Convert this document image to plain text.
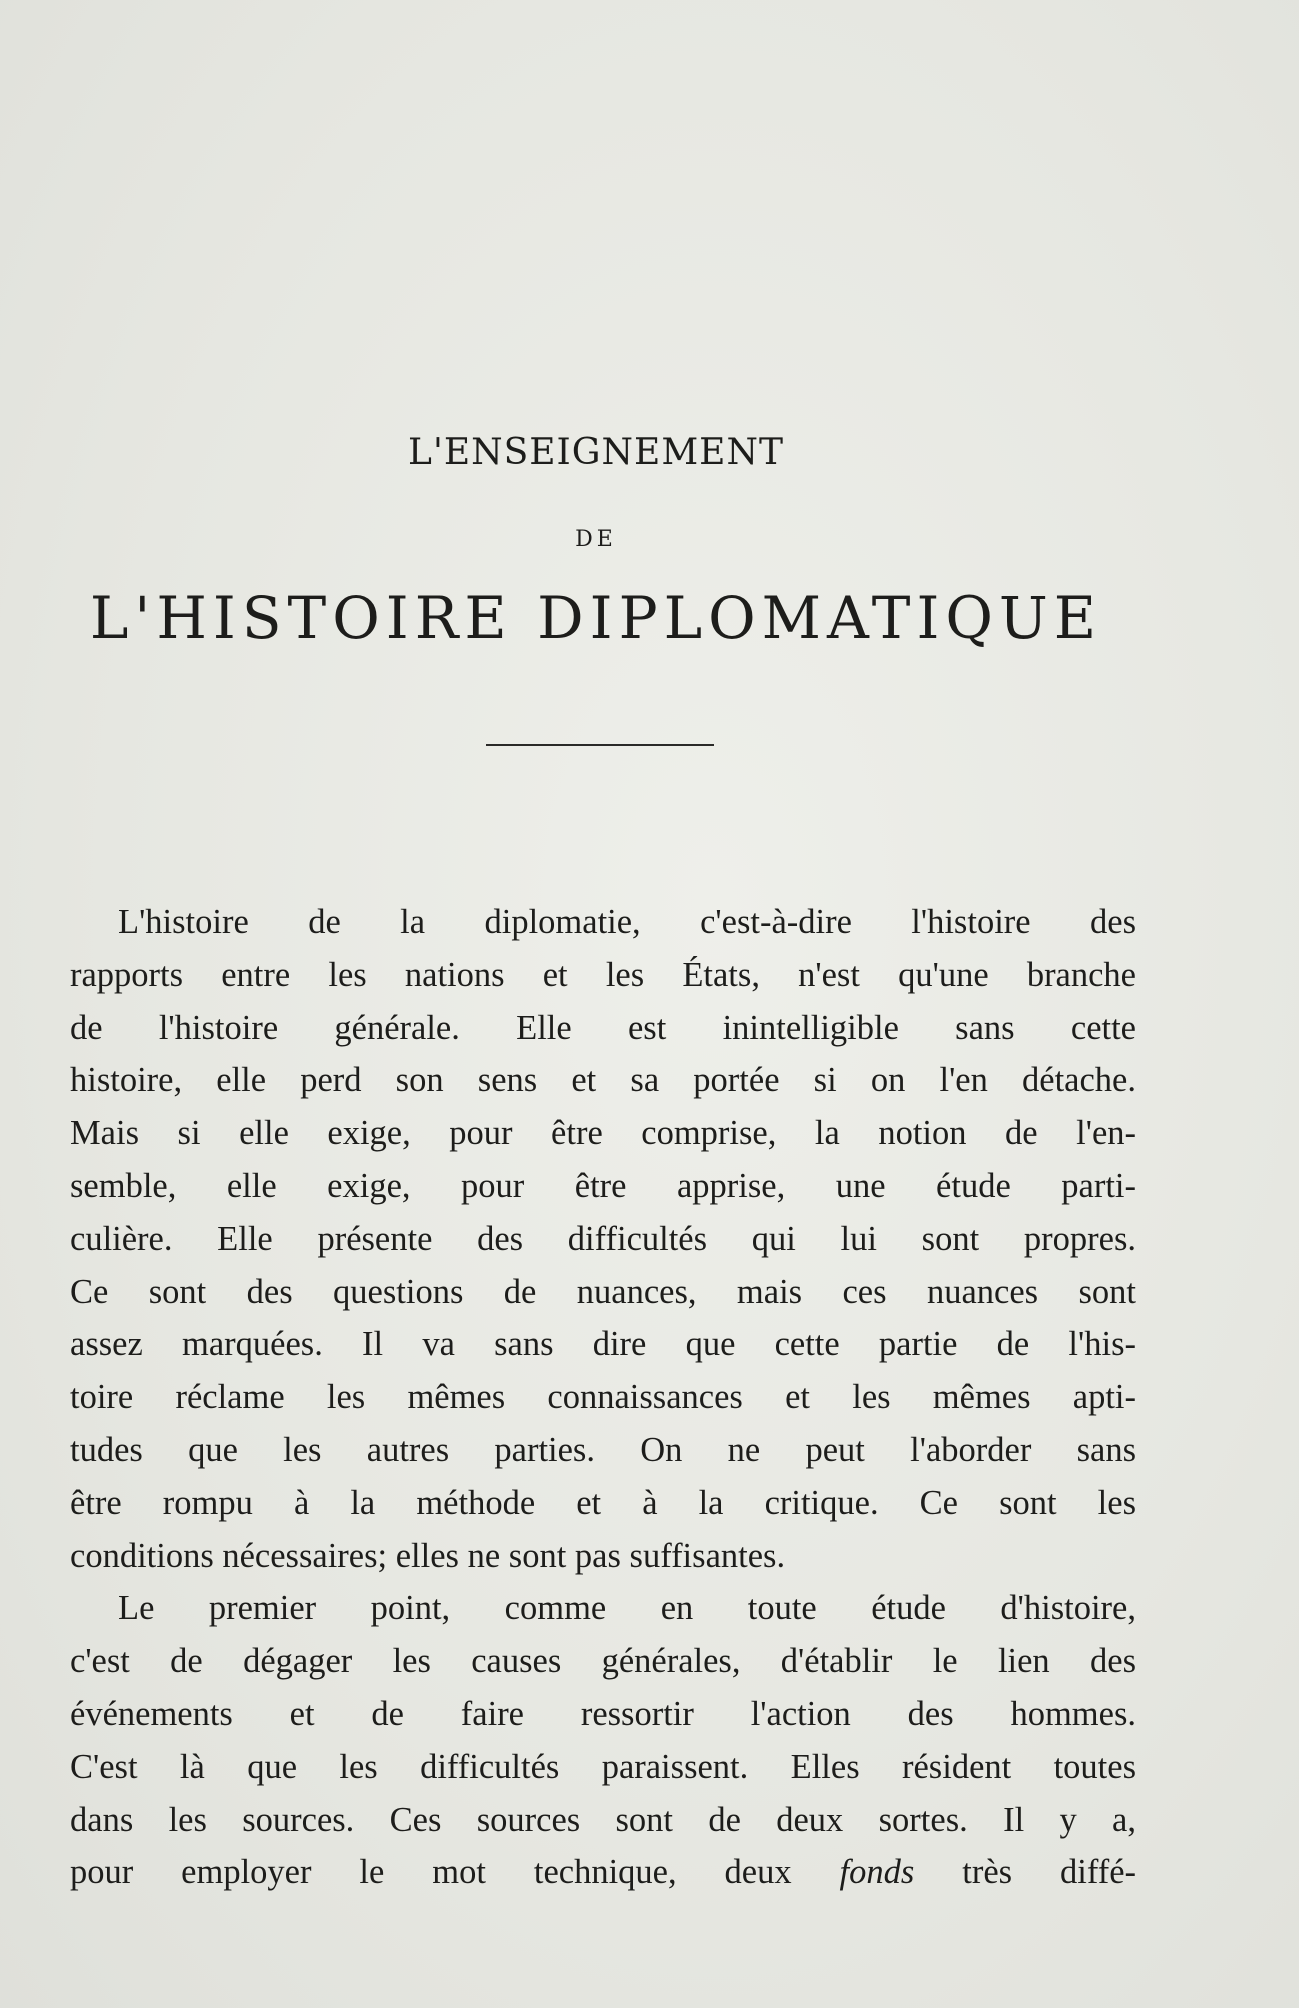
L'ENSEIGNEMENT
DE
L'HISTOIRE DIPLOMATIQUE
L'histoire de la diplomatie, c'est-à-dire l'histoire des
rapports entre les nations et les États, n'est qu'une branche
de l'histoire générale. Elle est inintelligible sans cette
histoire, elle perd son sens et sa portée si on l'en détache.
Mais si elle exige, pour être comprise, la notion de l'en-
semble, elle exige, pour être apprise, une étude parti-
culière. Elle présente des difficultés qui lui sont propres.
Ce sont des questions de nuances, mais ces nuances sont
assez marquées. Il va sans dire que cette partie de l'his-
toire réclame les mêmes connaissances et les mêmes apti-
tudes que les autres parties. On ne peut l'aborder sans
être rompu à la méthode et à la critique. Ce sont les
conditions nécessaires; elles ne sont pas suffisantes.
Le premier point, comme en toute étude d'histoire,
c'est de dégager les causes générales, d'établir le lien des
événements et de faire ressortir l'action des hommes.
C'est là que les difficultés paraissent. Elles résident toutes
dans les sources. Ces sources sont de deux sortes. Il y a,
pour employer le mot technique, deux fonds très diffé-
